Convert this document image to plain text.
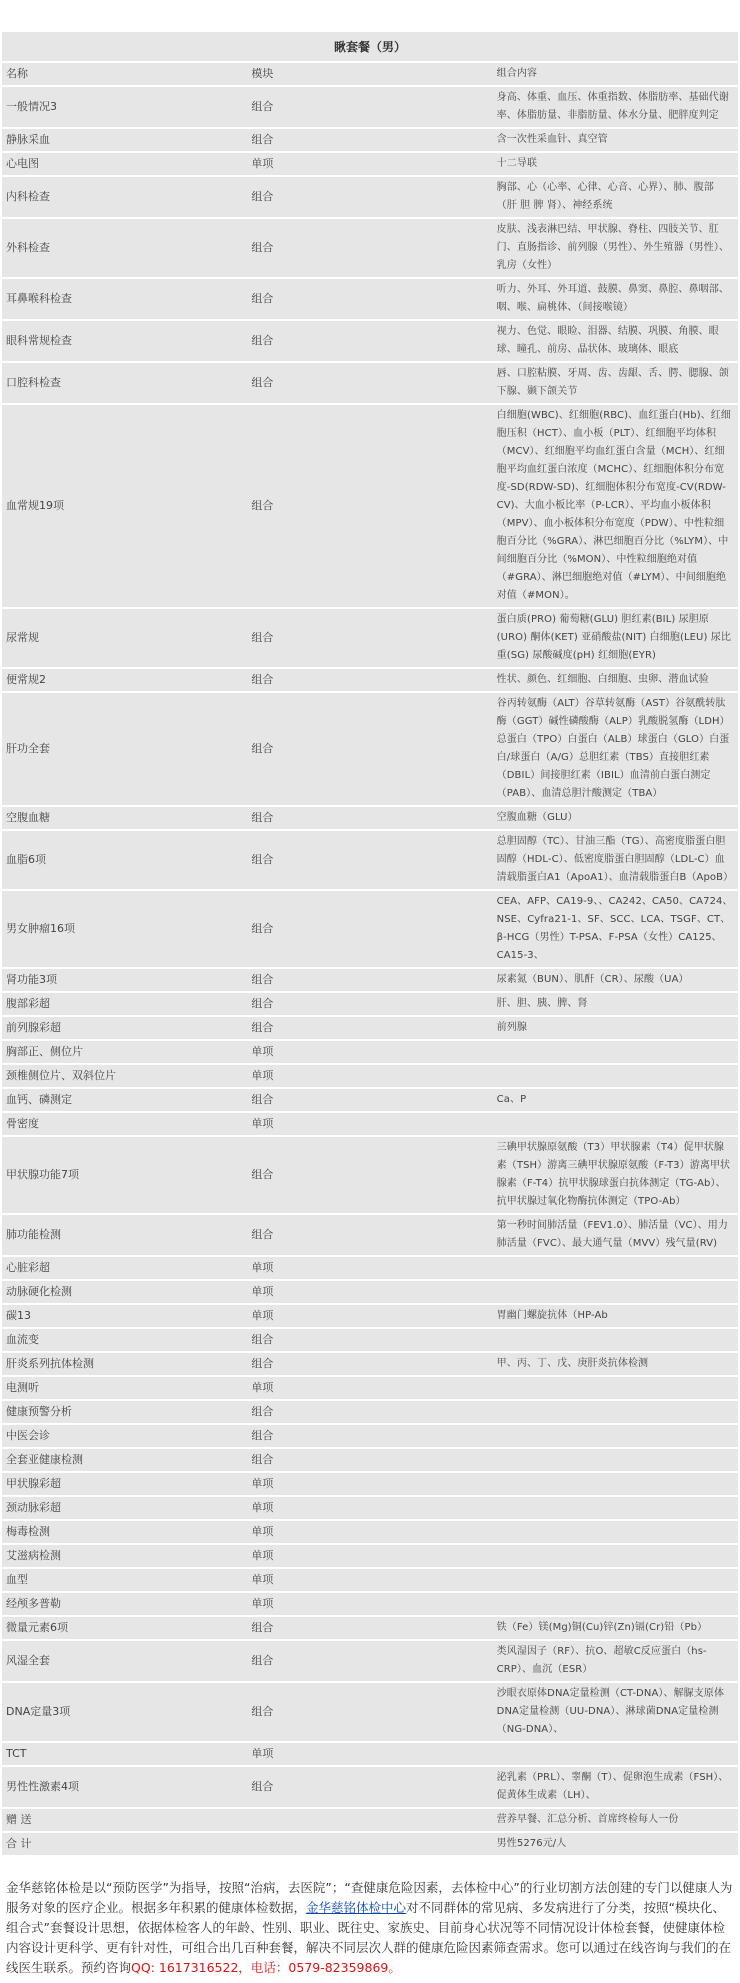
瞅套餐（男）		
名称	模块	组合内容
一般情况3	组合	身高、体重、血压、体重指数、体脂肪率、基础代谢率、体脂肪量、非脂肪量、体水分量、肥胖度判定
静脉采血	组合	含一次性采血针、真空管
心电图	单项	十二导联
内科检查	组合	胸部、心（心率、心律、心音、心界）、肺、腹部（肝 胆 脾 肾）、神经系统
外科检查	组合	皮肤、浅表淋巴结、甲状腺、脊柱、四肢关节、肛门、直肠指诊、前列腺（男性）、外生殖器（男性）、乳房（女性）
耳鼻喉科检查	组合	听力、外耳、外耳道、鼓膜、鼻窦、鼻腔、鼻咽部、咽、喉、扁桃体、（间接喉镜）
眼科常规检查	组合	视力、色觉、眼睑、泪器、结膜、巩膜、角膜、眼球、瞳孔、前房、晶状体、玻璃体、眼底
口腔科检查	组合	唇、口腔粘膜、牙周、齿、齿龈、舌、腭、腮腺、颌下腺、颞下颌关节
血常规19项	组合	白细胞(WBC)、红细胞(RBC)、血红蛋白(Hb)、红细胞压积（HCT）、血小板（PLT）、红细胞平均体积（MCV）、红细胞平均血红蛋白含量（MCH）、红细胞平均血红蛋白浓度（MCHC）、红细胞体积分布宽度-SD(RDW-SD)、红细胞体积分布宽度-CV(RDW-CV)、大血小板比率（P-LCR）、平均血小板体积（MPV）、血小板体积分布宽度（PDW）、中性粒细胞百分比（%GRA）、淋巴细胞百分比（%LYM）、中间细胞百分比（%MON）、中性粒细胞绝对值（#GRA）、淋巴细胞绝对值（#LYM）、中间细胞绝对值（#MON）。
尿常规	组合	蛋白质(PRO) 葡萄糖(GLU) 胆红素(BIL) 尿胆原(URO) 酮体(KET) 亚硝酸盐(NIT) 白细胞(LEU) 尿比重(SG) 尿酸碱度(pH) 红细胞(EYR)
便常规2	组合	性状、颜色、红细胞、白细胞、虫卵、潜血试验
肝功全套	组合	谷丙转氨酶（ALT）谷草转氨酶（AST）谷氨酰转肽酶（GGT）碱性磷酸酶（ALP）乳酸脱氢酶（LDH）总蛋白（TPO）白蛋白（ALB）球蛋白（GLO）白蛋白/球蛋白（A/G）总胆红素（TBS）直接胆红素（DBIL）间接胆红素（IBIL）血清前白蛋白测定（PAB）、血清总胆汁酸测定（TBA）
空腹血糖	组合	空腹血糖（GLU）
血脂6项	组合	总胆固醇（TC）、甘油三酯（TG）、高密度脂蛋白胆固醇（HDL-C）、低密度脂蛋白胆固醇（LDL-C）血清载脂蛋白A1（ApoA1）、血清载脂蛋白B（ApoB）
男女肿瘤16项	组合	CEA、AFP、CA19-9、、CA242、CA50、CA724、NSE、Cyfra21-1、SF、SCC、LCA、TSGF、CT、β-HCG（男性）T-PSA、F-PSA（女性）CA125、CA15-3、
肾功能3项	组合	尿素氮（BUN）、肌酐（CR）、尿酸（UA）
腹部彩超	组合	肝、胆、胰、脾、肾
前列腺彩超	组合	前列腺
胸部正、侧位片	单项	
颈椎侧位片、双斜位片	单项	
血钙、磷测定	组合	Ca、P
骨密度	单项	
甲状腺功能7项	组合	三碘甲状腺原氨酸（T3）甲状腺素（T4）促甲状腺素（TSH）游离三碘甲状腺原氨酸（F-T3）游离甲状腺素（F-T4）抗甲状腺球蛋白抗体测定（TG-Ab）、抗甲状腺过氧化物酶抗体测定（TPO-Ab）
肺功能检测	组合	第一秒时间肺活量（FEV1.0）、肺活量（VC）、用力肺活量（FVC）、最大通气量（MVV）残气量(RV)
心脏彩超	单项	
动脉硬化检测	单项	
碳13	单项	胃幽门螺旋抗体（HP-Ab
血流变	组合	
肝炎系列抗体检测	组合	甲、丙、丁、戊、庚肝炎抗体检测
电测听	单项	
健康预警分析	组合	
中医会诊	组合	
全套亚健康检测	组合	
甲状腺彩超	单项	
颈动脉彩超	单项	
梅毒检测	单项	
艾滋病检测	单项	
血型	单项	
经颅多普勒	单项	
微量元素6项	组合	铁（Fe）镁(Mg)铜(Cu)锌(Zn)镉(Cr)铅（Pb）
风湿全套	组合	类风湿因子（RF）、抗O、超敏C反应蛋白（hs-CRP）、血沉（ESR）
DNA定量3项	组合	沙眼衣原体DNA定量检测（CT-DNA）、解脲支原体DNA定量检测（UU-DNA）、淋球菌DNA定量检测（NG-DNA）、
TCT	单项	
男性性激素4项	组合	泌乳素（PRL）、睾酮（T）、促卵泡生成素（FSH）、促黄体生成素（LH）、
赠 送		营养早餐、汇总分析、首席终检每人一份
合 计		男性5276元/人
金华慈铭体检是以“预防医学”为指导，按照“治病，去医院”；“查健康危险因素，去体检中心”的行业切割方法创建的专门以健康人为服务对象的医疗企业。根据多年积累的健康体检数据，金华慈铭体检中心对不同群体的常见病、多发病进行了分类，按照“模块化、组合式”套餐设计思想，依据体检客人的年龄、性别、职业、既往史、家族史、目前身心状况等不同情况设计体检套餐，使健康体检内容设计更科学、更有针对性，可组合出几百种套餐，解决不同层次人群的健康危险因素筛查需求。您可以通过在线咨询与我们的在线医生联系。预约咨询QQ: 1617316522，电话：0579-82359869。
